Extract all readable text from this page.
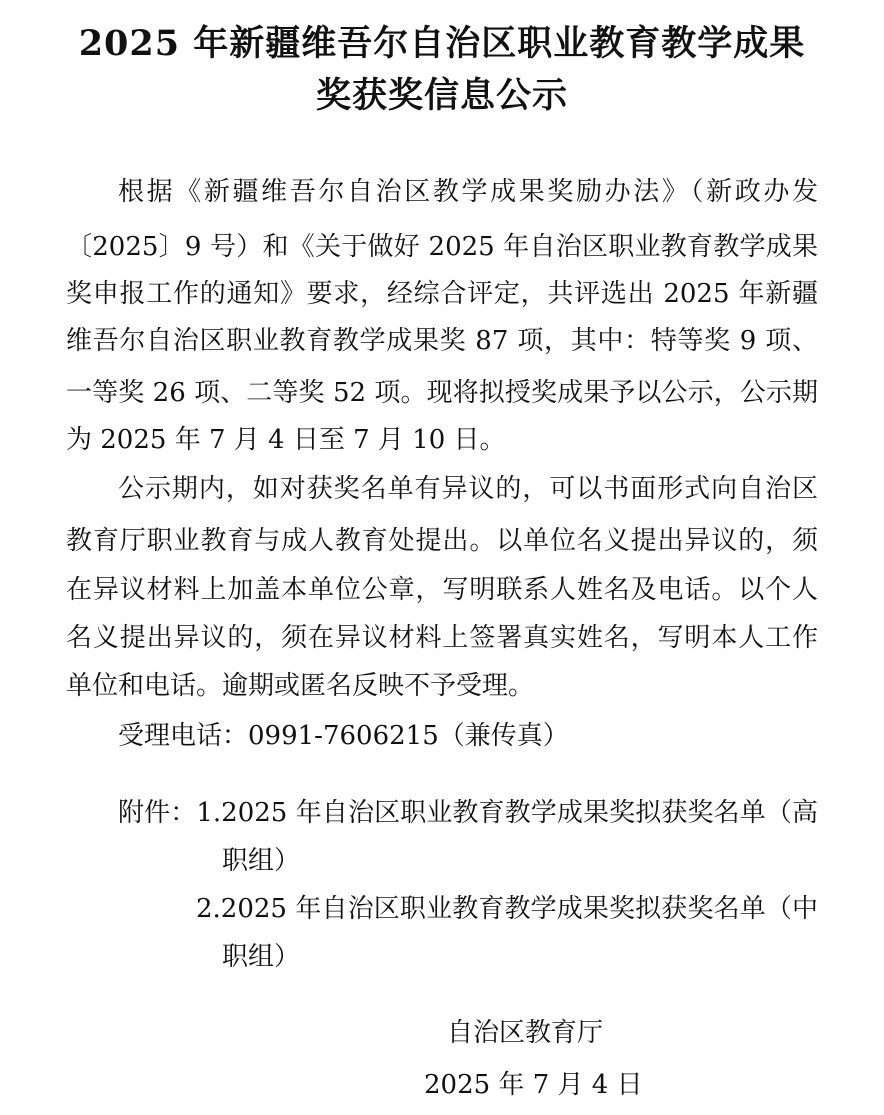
2025 年新疆维吾尔自治区职业教育教学成果
奖获奖信息公示

根据《新疆维吾尔自治区教学成果奖励办法》（新政办发

〔2025〕9 号）和《关于做好 2025 年自治区职业教育教学成果

奖申报工作的通知》要求，经综合评定，共评选出 2025 年新疆

维吾尔自治区职业教育教学成果奖 87 项，其中：特等奖 9 项、

一等奖 26 项、二等奖 52 项。现将拟授奖成果予以公示，公示期

为 2025 年 7 月 4 日至 7 月 10 日。

公示期内，如对获奖名单有异议的，可以书面形式向自治区

教育厅职业教育与成人教育处提出。以单位名义提出异议的，须

在异议材料上加盖本单位公章，写明联系人姓名及电话。以个人

名义提出异议的，须在异议材料上签署真实姓名，写明本人工作

单位和电话。逾期或匿名反映不予受理。

受理电话：0991-7606215（兼传真）

附件：1.2025 年自治区职业教育教学成果奖拟获奖名单（高

职组）

2.2025 年自治区职业教育教学成果奖拟获奖名单（中

职组）

自治区教育厅

2025 年 7 月 4 日
